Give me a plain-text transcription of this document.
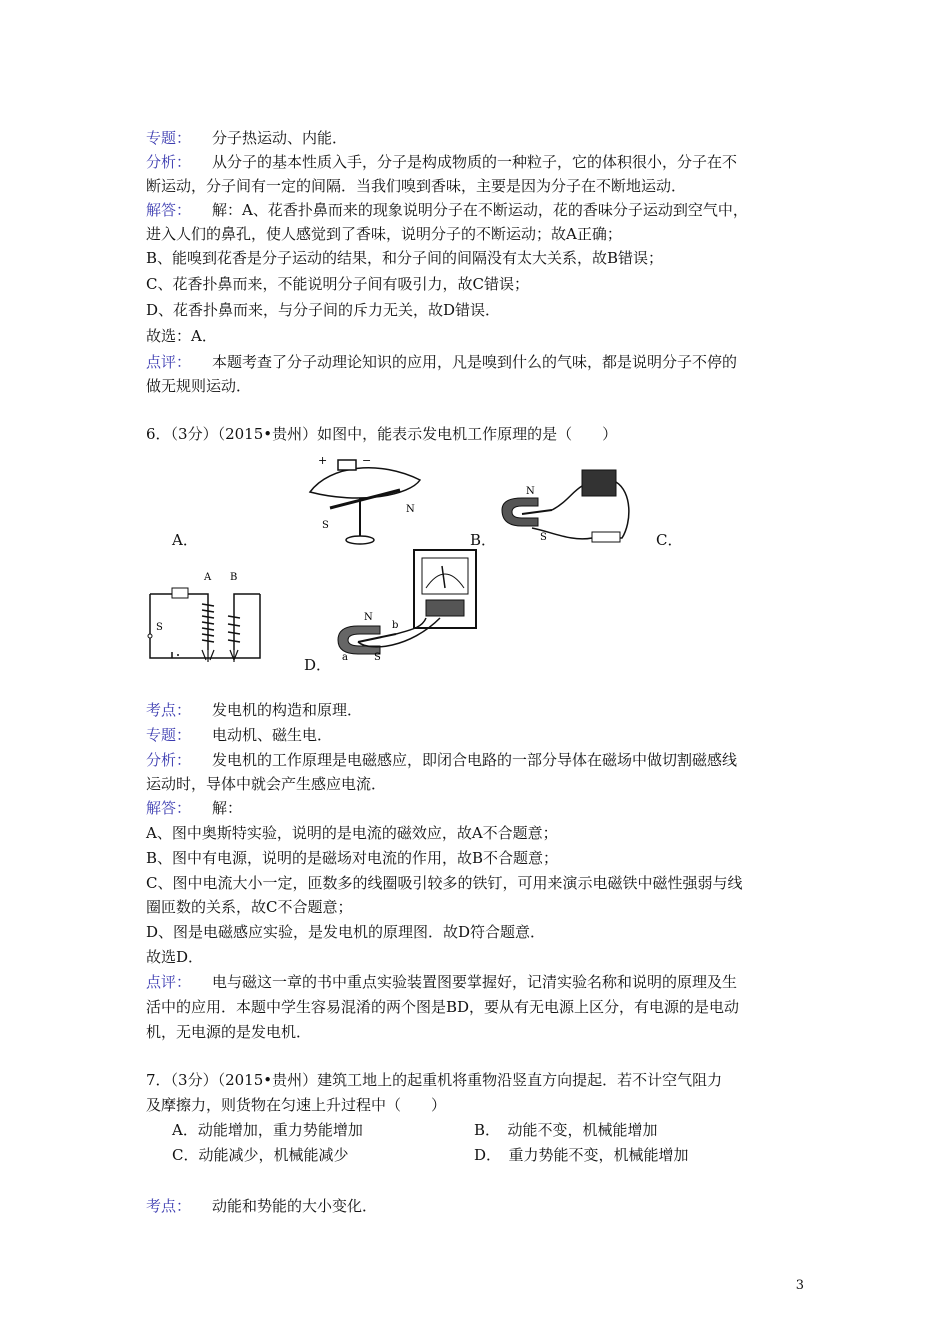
专题： 分子热运动、内能．
分析： 从分子的基本性质入手，分子是构成物质的一种粒子，它的体积很小，分子在不
断运动，分子间有一定的间隔．当我们嗅到香味，主要是因为分子在不断地运动．
解答： 解：A、花香扑鼻而来的现象说明分子在不断运动，花的香味分子运动到空气中，
进入人们的鼻孔，使人感觉到了香味，说明分子的不断运动；故A正确；
B、能嗅到花香是分子运动的结果，和分子间的间隔没有太大关系，故B错误；
C、花香扑鼻而来，不能说明分子间有吸引力，故C错误；
D、花香扑鼻而来，与分子间的斥力无关，故D错误．
故选：A．
点评： 本题考查了分子动理论知识的应用，凡是嗅到什么的气味，都是说明分子不停的
做无规则运动．
6．（3分）（2015•贵州）如图中，能表示发电机工作原理的是（　　）
+	−
S
N
A．
N
S
B．	C．
S
A B
N
S
b
a
D．
考点： 发电机的构造和原理．
专题： 电动机、磁生电．
分析： 发电机的工作原理是电磁感应，即闭合电路的一部分导体在磁场中做切割磁感线
运动时，导体中就会产生感应电流．
解答： 解：
A、图中奥斯特实验，说明的是电流的磁效应，故A不合题意；
B、图中有电源，说明的是磁场对电流的作用，故B不合题意；
C、图中电流大小一定，匝数多的线圈吸引较多的铁钉，可用来演示电磁铁中磁性强弱与线
圈匝数的关系，故C不合题意；
D、图是电磁感应实验，是发电机的原理图．故D符合题意．
故选D．
点评： 电与磁这一章的书中重点实验装置图要掌握好，记清实验名称和说明的原理及生
活中的应用．本题中学生容易混淆的两个图是BD，要从有无电源上区分，有电源的是电动
机，无电源的是发电机．
7．（3分）（2015•贵州）建筑工地上的起重机将重物沿竖直方向提起．若不计空气阻力
及摩擦力，则货物在匀速上升过程中（　　）
A．动能增加，重力势能增加	B．　动能不变，机械能增加
C．动能减少，机械能减少	D．　重力势能不变，机械能增加
考点： 动能和势能的大小变化．
3
